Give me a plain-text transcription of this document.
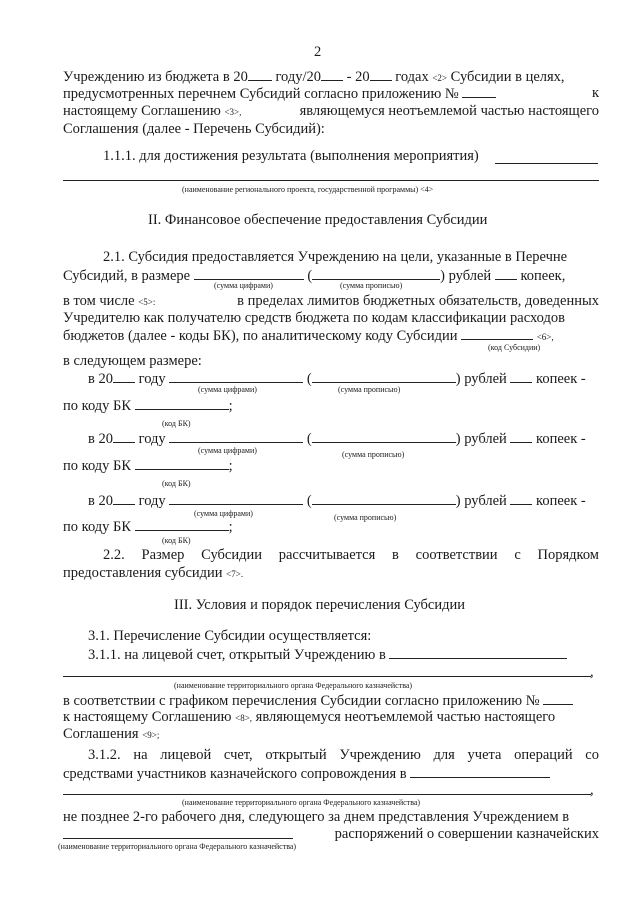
2
Учреждению из бюджета в 20 году/20 - 20 годах <2> Субсидии в целях,
предусмотренных перечнем Субсидий согласно приложению №	к
настоящему Соглашению <3>,	являющемуся неотъемлемой частью настоящего
Соглашения (далее - Перечень Субсидий):
1.1.1. для достижения результата (выполнения мероприятия)
(наименование регионального проекта, государственной программы) <4>
II. Финансовое обеспечение предоставления Субсидии
2.1. Субсидия предоставляется Учреждению на цели, указанные в Перечне
Субсидий, в размере	(	) рублей копеек,
(сумма цифрами)	(сумма прописью)
в том числе <5>:	в пределах лимитов бюджетных обязательств, доведенных
Учредителю как получателю средств бюджета по кодам классификации расходов
бюджетов (далее - коды БК), по аналитическому коду Субсидии	<6>,
(код Субсидии)
в следующем размере:
в 20 году	(	) рублей копеек -
(сумма цифрами)	(сумма прописью)
по коду БК	;
(код БК)
в 20 году	(	) рублей копеек -
(сумма цифрами)	(сумма прописью)
по коду БК	;
(код БК)
в 20 году	(	) рублей копеек -
(сумма цифрами)	(сумма прописью)
по коду БК	;
(код БК)
2.2. Размер Субсидии рассчитывается в соответствии с Порядком
предоставления субсидии <7>.
III. Условия и порядок перечисления Субсидии
3.1. Перечисление Субсидии осуществляется:
3.1.1. на лицевой счет, открытый Учреждению в
,
(наименование территориального органа Федерального казначейства)
в соответствии с графиком перечисления Субсидии согласно приложению №
к настоящему Соглашению <8>, являющемуся неотъемлемой частью настоящего
Соглашения <9>;
3.1.2. на лицевой счет, открытый Учреждению для учета операций со
средствами участников казначейского сопровождения в
,
(наименование территориального органа Федерального казначейства)
не позднее 2-го рабочего дня, следующего за днем представления Учреждением в
распоряжений о совершении казначейских
(наименование территориального органа Федерального казначейства)
